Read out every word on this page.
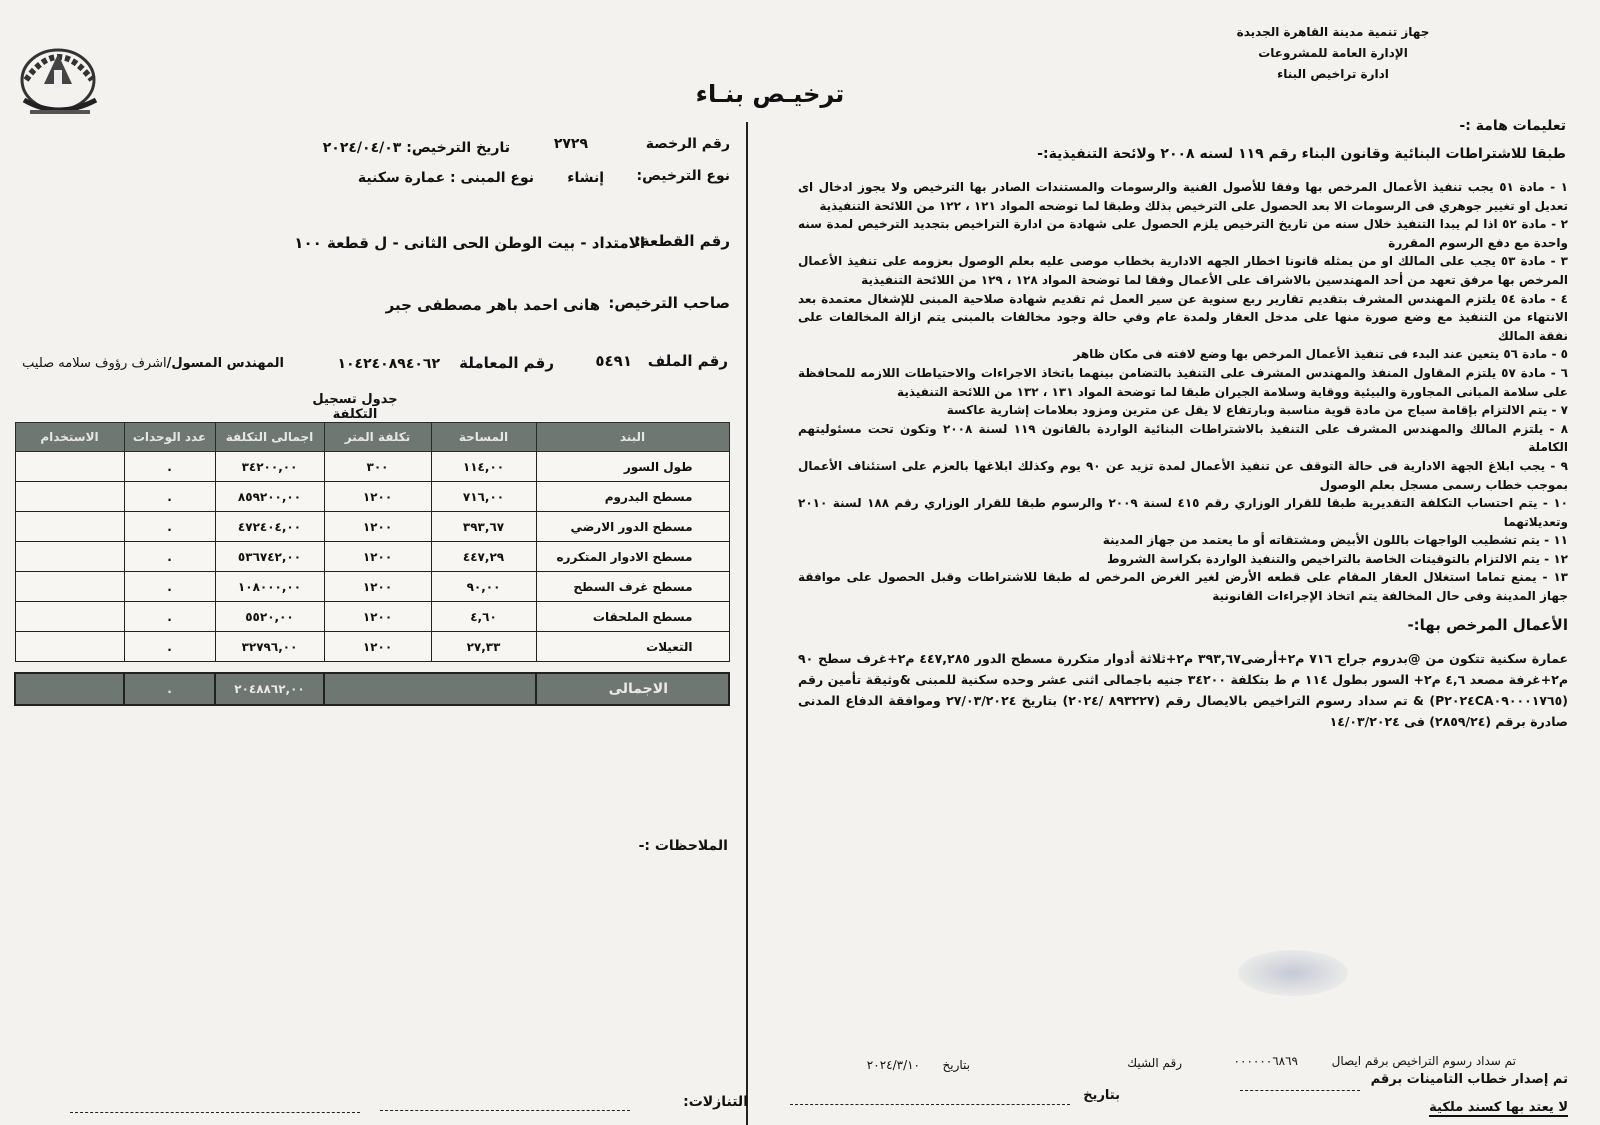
جهاز تنمية مدينة القاهرة الجديدة
الإدارة العامة للمشروعات
ادارة تراخيص البناء
ترخيـص بنـاء
رقم الرخصة
٢٧٢٩
تاريخ الترخيص: ٢٠٢٤/٠٤/٠٣
نوع الترخيص:
إنشاء
نوع المبنى : عمارة سكنية
رقم القطعة:
الامتداد - بيت الوطن الحى الثانى - ل قطعة ١٠٠
صاحب الترخيص:
هانى احمد باهر مصطفى جبر
رقم الملف
٥٤٩١
رقم المعاملة
١٠٤٢٤٠٨٩٤٠٦٢
المهندس المسول/اشرف رؤوف سلامه صليب
جدول تسجيل التكلفة
البند	المساحة	تكلفة المتر	اجمالى التكلفة	عدد الوحدات	الاستخدام
طول السور	١١٤,٠٠	٣٠٠	٣٤٢٠٠,٠٠	.	
مسطح البدروم	٧١٦,٠٠	١٢٠٠	٨٥٩٢٠٠,٠٠	.	
مسطح الدور الارضي	٣٩٣,٦٧	١٢٠٠	٤٧٢٤٠٤,٠٠	.	
مسطح الادوار المتكرره	٤٤٧,٢٩	١٢٠٠	٥٣٦٧٤٢,٠٠	.	
مسطح غرف السطح	٩٠,٠٠	١٢٠٠	١٠٨٠٠٠,٠٠	.	
مسطح الملحقات	٤,٦٠	١٢٠٠	٥٥٢٠,٠٠	.	
التعيلات	٢٧,٣٣	١٢٠٠	٣٢٧٩٦,٠٠	.	

الاجمالى			٢٠٤٨٨٦٢,٠٠	.	
الملاحظات :-
التنازلات:
تعليمات هامة :-
طبقا للاشتراطات البنائية وقانون البناء رقم ١١٩ لسنه ٢٠٠٨ ولائحة التنفيذية:-
١ - مادة ٥١ يجب تنفيذ الأعمال المرخص بها وفقا للأصول الفنية والرسومات والمستندات الصادر بها الترخيص ولا يجوز ادخال اى تعديل او تغيير جوهري فى الرسومات الا بعد الحصول على الترخيص بذلك وطبقا لما توضحه المواد ١٢١ ، ١٢٢ من اللائحة التنفيذية
٢ - مادة ٥٢ اذا لم يبدا التنفيذ خلال سنه من تاريخ الترخيص يلزم الحصول على شهادة من ادارة التراخيص بتجديد الترخيص لمدة سنه واحدة مع دفع الرسوم المقررة
٣ - مادة ٥٣ يجب على المالك او من يمثله قانونا اخطار الجهه الادارية بخطاب موصى عليه بعلم الوصول بعزومه على تنفيذ الأعمال المرخص بها مرفق تعهد من أحد المهندسين بالاشراف على الأعمال وفقا لما توضحة المواد ١٢٨ ، ١٢٩ من اللائحة التنفيذية
٤ - مادة ٥٤ يلتزم المهندس المشرف بتقديم تقارير ربع سنوية عن سير العمل ثم تقديم شهادة صلاحية المبنى للإشغال معتمدة بعد الانتهاء من التنفيذ مع وضع صورة منها على مدخل العقار ولمدة عام وفي حالة وجود مخالفات بالمبنى يتم ازالة المخالفات على نفقة المالك
٥ - مادة ٥٦ يتعين عند البدء فى تنفيذ الأعمال المرخص بها وضع لافته فى مكان ظاهر
٦ - مادة ٥٧ يلتزم المقاول المنفذ والمهندس المشرف على التنفيذ بالتضامن بينهما باتخاذ الاجراءات والاحتياطات اللازمه للمحافظة على سلامة المبانى المجاورة والبيئية ووقاية وسلامة الجيران طبقا لما توضحة المواد ١٣١ ، ١٣٢ من اللائحة التنفيذية
٧ - يتم الالتزام بإقامة سياج من مادة قوية مناسبة وبارتفاع لا يقل عن مترين ومزود بعلامات إشارية عاكسة
٨ - يلتزم المالك والمهندس المشرف على التنفيذ بالاشتراطات البنائية الواردة بالقانون ١١٩ لسنة ٢٠٠٨ وتكون تحت مسئوليتهم الكاملة
٩ - يجب ابلاغ الجهة الادارية فى حالة التوقف عن تنفيذ الأعمال لمدة تزيد عن ٩٠ يوم وكذلك ابلاغها بالعزم على استئناف الأعمال بموجب خطاب رسمى مسجل بعلم الوصول
١٠ - يتم احتساب التكلفة التقديرية طبقا للقرار الوزاري رقم ٤١٥ لسنة ٢٠٠٩ والرسوم طبقا للقرار الوزاري رقم ١٨٨ لسنة ٢٠١٠ وتعديلاتهما
١١ - يتم تشطيب الواجهات باللون الأبيض ومشتقاته أو ما يعتمد من جهاز المدينة
١٢ - يتم الالتزام بالتوقيتات الخاصة بالتراخيص والتنفيذ الواردة بكراسة الشروط
١٣ - يمنع تماما استغلال العقار المقام على قطعه الأرض لغير الغرض المرخص له طبقا للاشتراطات وقبل الحصول على موافقة جهاز المدينة وفى حال المخالفة يتم اتخاذ الإجراءات القانونية
الأعمال المرخص بها:-
عمارة سكنية تتكون من @بدروم جراج ٧١٦ م٢+أرضى٣٩٣,٦٧ م٢+ثلاثة أدوار متكررة مسطح الدور ٤٤٧,٢٨٥ م٢+غرف سطح ٩٠ م٢+غرفة مصعد ٤,٦ م٢+ السور بطول ١١٤ م ط بتكلفة ٣٤٢٠٠ جنيه باجمالى اثنى عشر وحده سكنية للمبنى &وثيقة تأمين رقم (P٢٠٢٤CA٠٩٠٠٠١٧٦٥) & تم سداد رسوم التراخيص بالايصال رقم (٨٩٣٢٢٧ /٢٠٢٤) بتاريخ ٢٧/٠٣/٢٠٢٤ وموافقة الدفاع المدنى صادرة برقم (٢٨٥٩/٢٤) فى ١٤/٠٣/٢٠٢٤
تم سداد رسوم التراخيص برقم ايصال
٠٠٠٠٠٠٦٨٦٩
رقم الشيك
بتاريخ
٢٠٢٤/٣/١٠
تم إصدار خطاب التامينات برقم
بتاريخ
لا يعتد بها كسند ملكية
